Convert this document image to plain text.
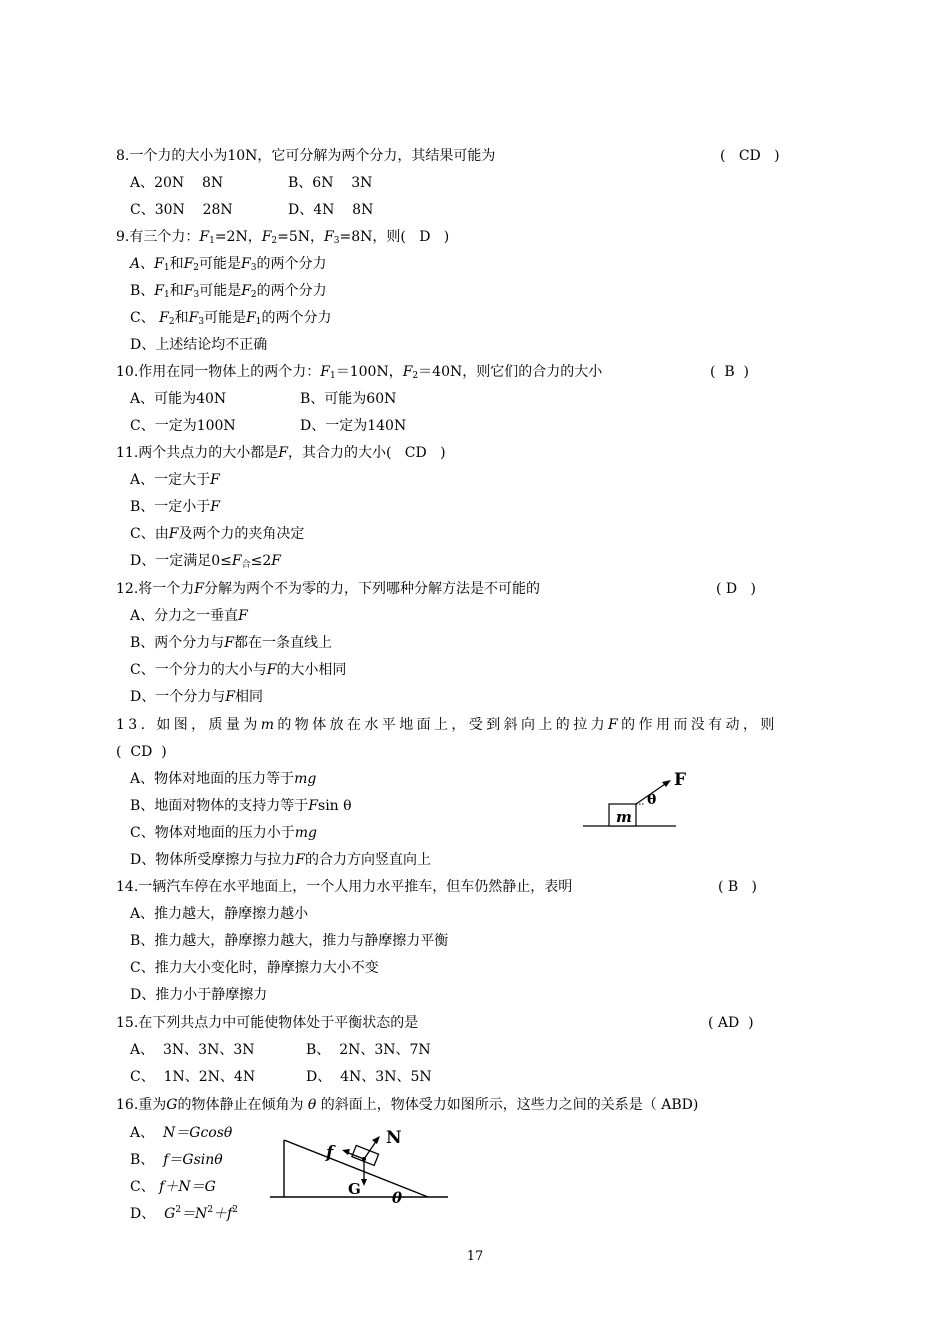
8.一个力的大小为10N，它可分解为两个分力，其结果可能为	(   CD   )
A、20N    8N	B、6N    3N
C、30N    28N	D、4N    8N
9.有三个力：$F_1=2N$，$F_2=5N$，$F_3=8N$，则(   D   )
A、$F_1$和$F_2$可能是$F_3$的两个分力
B、$F_1$和$F_3$可能是$F_2$的两个分力
C、 $F_2$和$F_3$可能是$F_1$的两个分力
D、上述结论均不正确
10.作用在同一物体上的两个力：$F_1=100N$，$F_2=40N$，则它们的合力的大小	(  B  )
A、可能为40N	B、可能为60N
C、一定为100N	D、一定为140N
11.两个共点力的大小都是F，其合力的大小(   CD   )
A、一定大于F
B、一定小于F
C、由F及两个力的夹角决定
D、一定满足$0\le F_合\le 2F$
12.将一个力F分解为两个不为零的力，下列哪种分解方法是不可能的	( D   )
A、分力之一垂直F
B、两个分力与F都在一条直线上
C、一个分力的大小与F的大小相同
D、一个分力与F相同
13. 如图，质量为m的物体放在水平地面上，受到斜向上的拉力F的作用而没有动，则
(  CD  )
A、物体对地面的压力等于mg
B、地面对物体的支持力等于Fsin θ
C、物体对地面的压力小于mg
D、物体所受摩擦力与拉力F的合力方向竖直向上
m
F
θ
14.一辆汽车停在水平地面上，一个人用力水平推车，但车仍然静止，表明	( B   )
A、推力越大，静摩擦力越小
B、推力越大，静摩擦力越大，推力与静摩擦力平衡
C、推力大小变化时，静摩擦力大小不变
D、推力小于静摩擦力
15.在下列共点力中可能使物体处于平衡状态的是	( AD  )
A、  3N、3N、3N	B、  2N、3N、7N
C、  1N、2N、4N	D、  4N、3N、5N
16.重为G的物体静止在倾角为 θ 的斜面上，物体受力如图所示，这些力之间的关系是（ ABD)
A、 N＝Gcosθ
B、 f＝Gsinθ
C、 f＋N＝G
D、 $G^2=N^2+f^2$
N
f
G θ
17
